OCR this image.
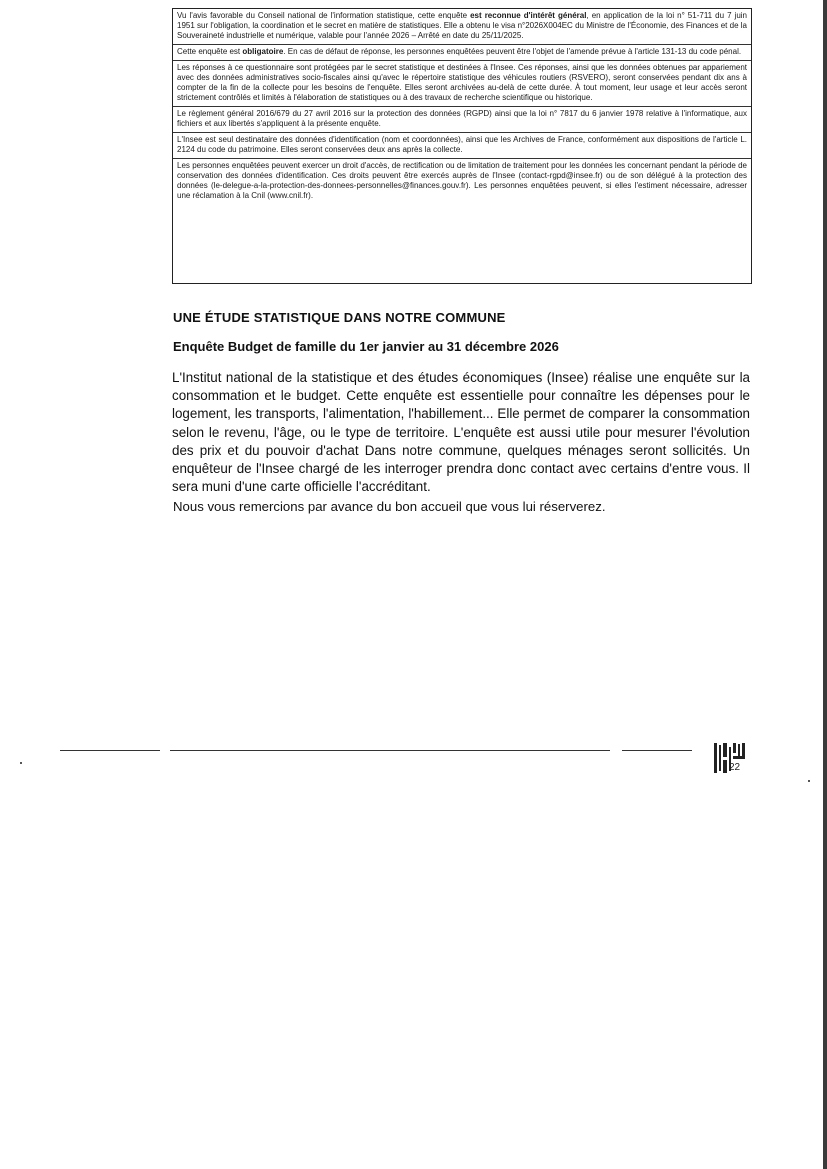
Vu l'avis favorable du Conseil national de l'information statistique, cette enquête est reconnue d'intérêt général, en application de la loi n° 51-711 du 7 juin 1951 sur l'obligation, la coordination et le secret en matière de statistiques. Elle a obtenu le visa n°2026X004EC du Ministre de l'Économie, des Finances et de la Souveraineté industrielle et numérique, valable pour l'année 2026 – Arrêté en date du 25/11/2025.

Cette enquête est obligatoire. En cas de défaut de réponse, les personnes enquêtées peuvent être l'objet de l'amende prévue à l'article 131-13 du code pénal.

Les réponses à ce questionnaire sont protégées par le secret statistique et destinées à l'Insee. Ces réponses, ainsi que les données obtenues par appariement avec des données administratives socio-fiscales ainsi qu'avec le répertoire statistique des véhicules routiers (RSVERO), seront conservées pendant dix ans à compter de la fin de la collecte pour les besoins de l'enquête. Elles seront archivées au-delà de cette durée. À tout moment, leur usage et leur accès seront strictement contrôlés et limités à l'élaboration de statistiques ou à des travaux de recherche scientifique ou historique.

Le règlement général 2016/679 du 27 avril 2016 sur la protection des données (RGPD) ainsi que la loi n° 7817 du 6 janvier 1978 relative à l'informatique, aux fichiers et aux libertés s'appliquent à la présente enquête.

L'Insee est seul destinataire des données d'identification (nom et coordonnées), ainsi que les Archives de France, conformément aux dispositions de l'article L. 2124 du code du patrimoine. Elles seront conservées deux ans après la collecte.

Les personnes enquêtées peuvent exercer un droit d'accès, de rectification ou de limitation de traitement pour les données les concernant pendant la période de conservation des données d'identification. Ces droits peuvent être exercés auprès de l'Insee (contact-rgpd@insee.fr) ou de son délégué à la protection des données (le-delegue-a-la-protection-des-donnees-personnelles@finances.gouv.fr). Les personnes enquêtées peuvent, si elles l'estiment nécessaire, adresser une réclamation à la Cnil (www.cnil.fr).

UNE ÉTUDE STATISTIQUE DANS NOTRE COMMUNE
Enquête Budget de famille du 1er janvier au 31 décembre 2026

L'Institut national de la statistique et des études économiques (Insee) réalise une enquête sur la consommation et le budget. Cette enquête est essentielle pour connaître les dépenses pour le logement, les transports, l'alimentation, l'habillement... Elle permet de comparer la consommation selon le revenu, l'âge, ou le type de territoire. L'enquête est aussi utile pour mesurer l'évolution des prix et du pouvoir d'achat Dans notre commune, quelques ménages seront sollicités. Un enquêteur de l'Insee chargé de les interroger prendra donc contact avec certains d'entre vous. Il sera muni d'une carte officielle l'accréditant.

Nous vous remercions par avance du bon accueil que vous lui réserverez.

22
